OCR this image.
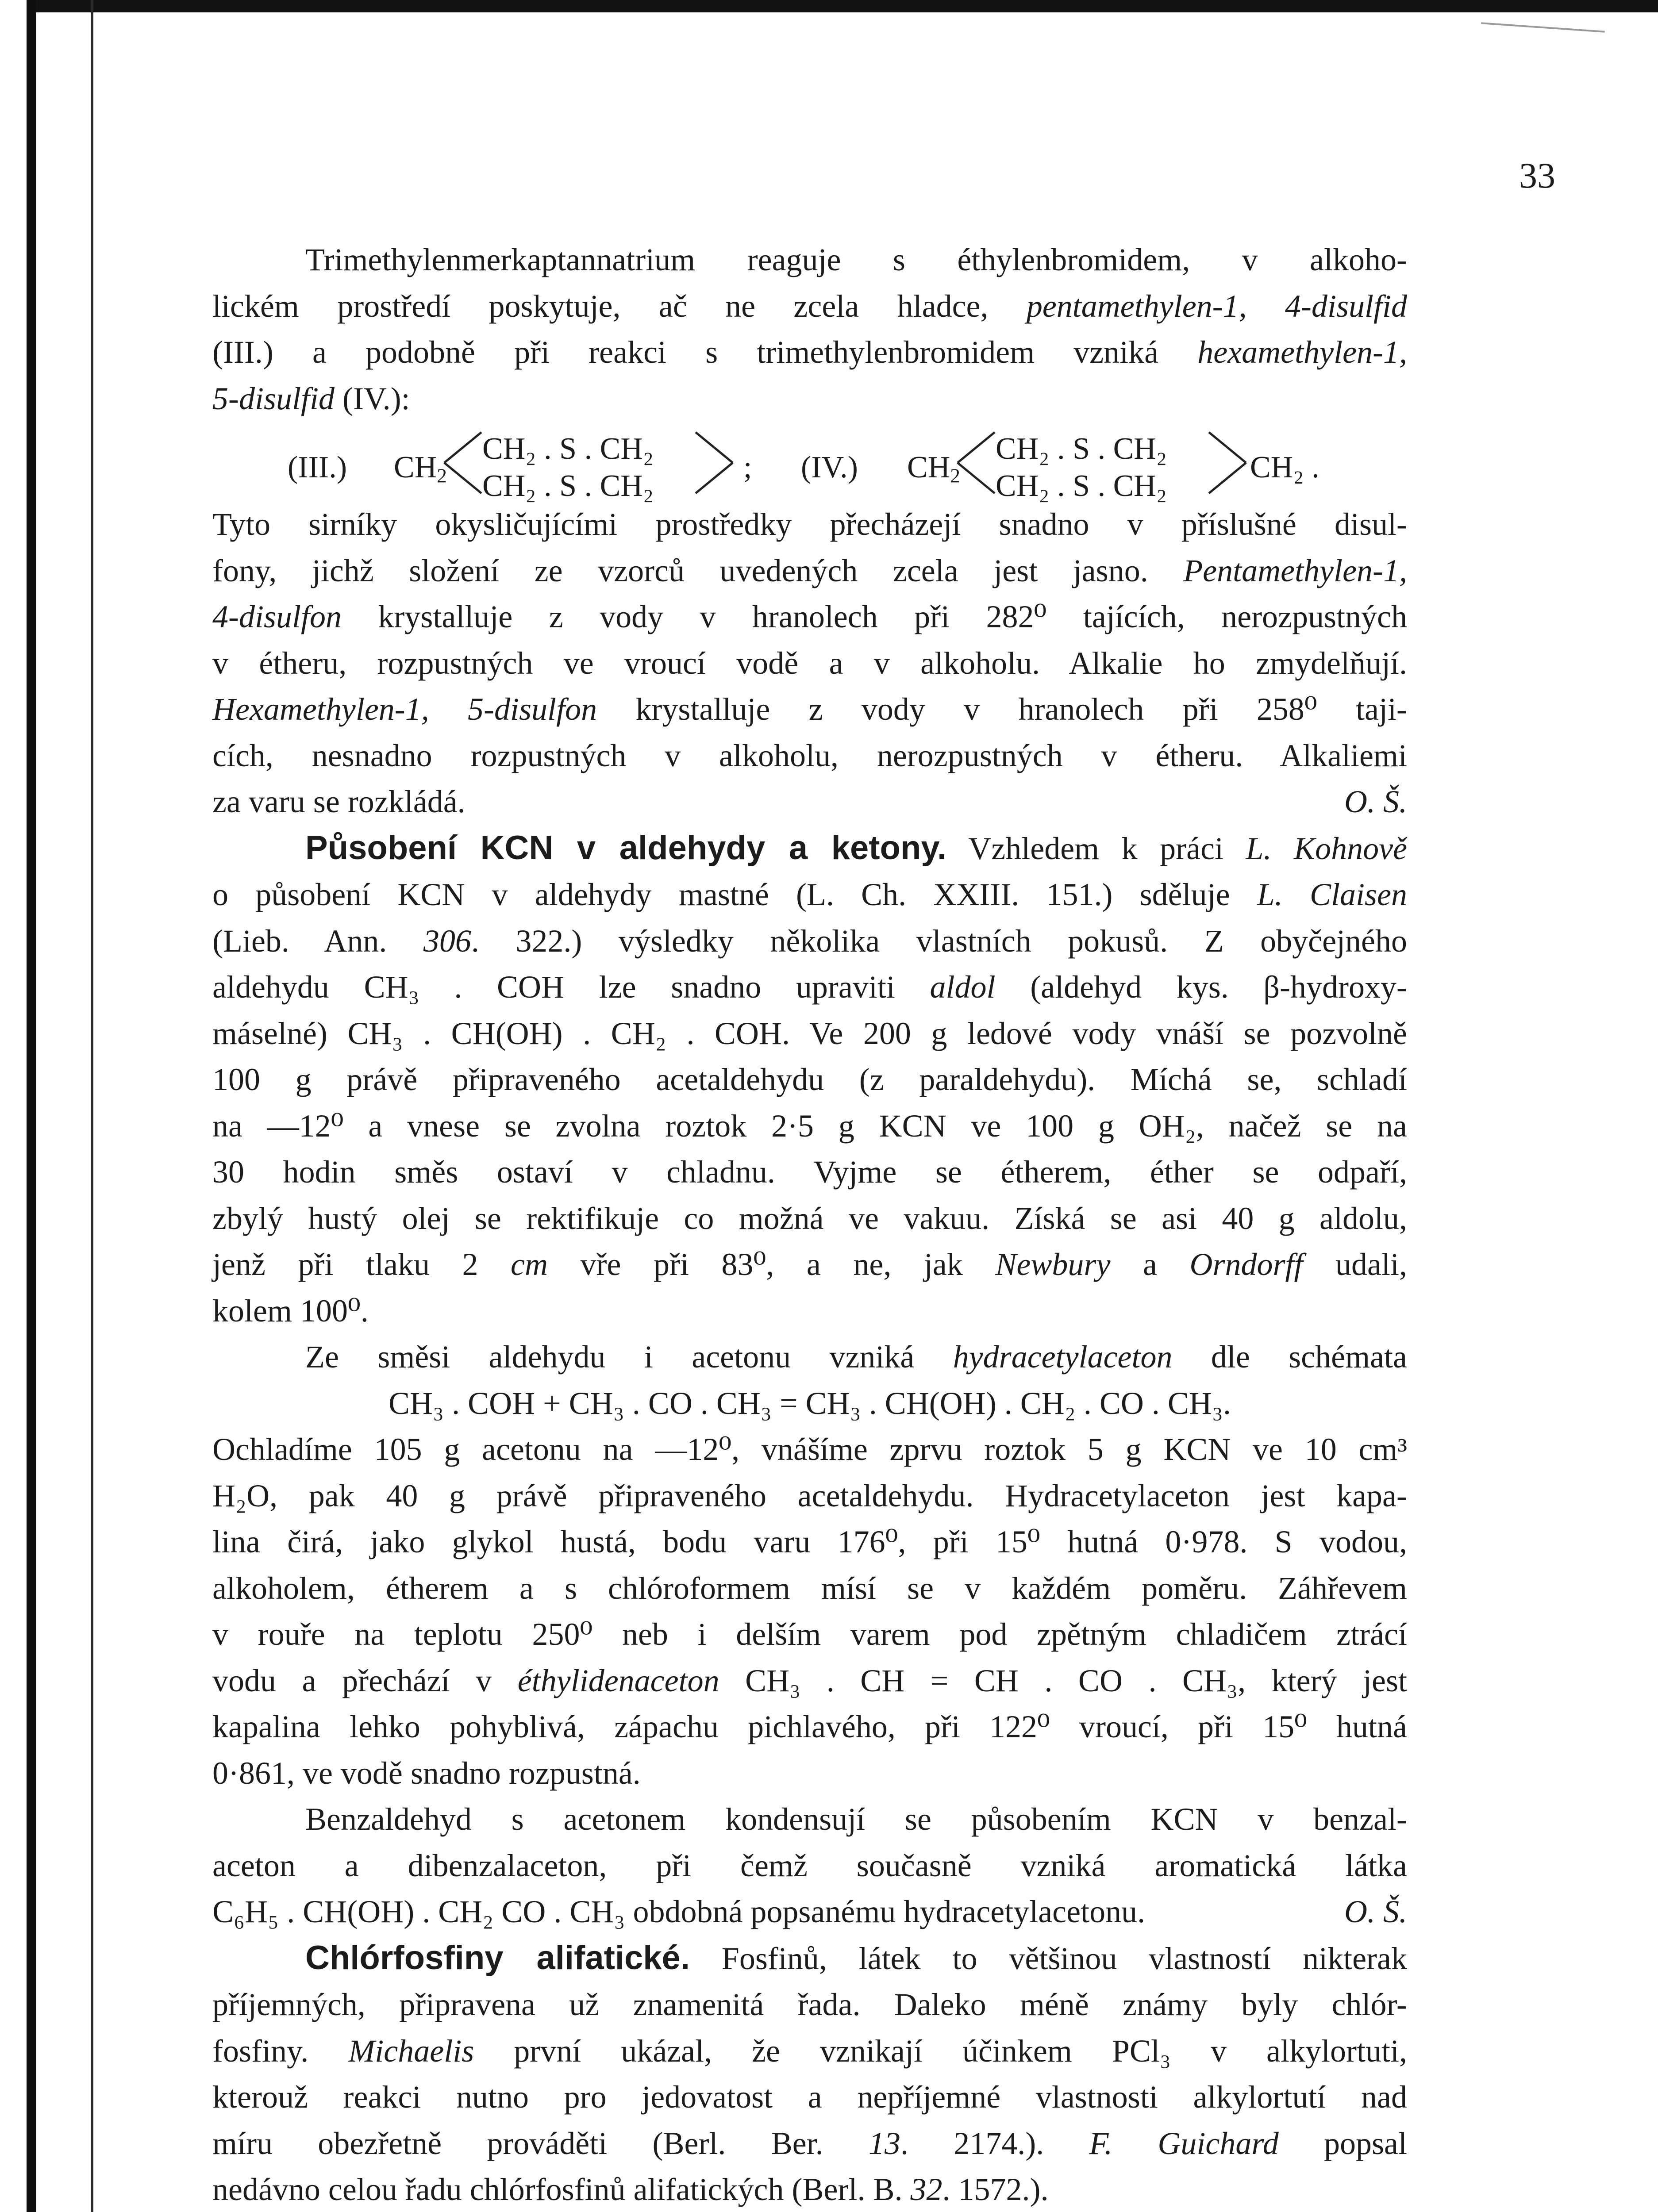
33

Trimethylenmerkaptannatrium reaguje s éthylenbromidem, v alkoho-
lickém prostředí poskytuje, ač ne zcela hladce, pentamethylen-1, 4-disulfid
(III.) a podobně při reakci s trimethylenbromidem vzniká hexamethylen-1,
5-disulfid (IV.):

(III.) $CH_2$
CH₂ . S . CH₂
CH₂ . S . CH₂
; (IV.) $CH_2$
CH₂ . S . CH₂
CH₂ . S . CH₂
CH₂ .

Tyto sirníky okysličujícími prostředky přecházejí snadno v příslušné disul-
fony, jichž složení ze vzorců uvedených zcela jest jasno. Pentamethylen-1,
4-disulfon krystalluje z vody v hranolech při 282⁰ tajících, nerozpustných
v étheru, rozpustných ve vroucí vodě a v alkoholu. Alkalie ho zmydelňují.
Hexamethylen-1, 5-disulfon krystalluje z vody v hranolech při 258⁰ taji-
cích, nesnadno rozpustných v alkoholu, nerozpustných v étheru. Alkaliemi
za varu se rozkládá.	O. Š.

Působení KCN v aldehydy a ketony. Vzhledem k práci L. Kohnově
o působení KCN v aldehydy mastné (L. Ch. XXIII. 151.) sděluje L. Claisen
(Lieb. Ann. 306. 322.) výsledky několika vlastních pokusů. Z obyčejného
aldehydu CH₃ . COH lze snadno upraviti aldol (aldehyd kys. β-hydroxy-
máselné) CH₃ . CH(OH) . CH₂ . COH. Ve 200 g ledové vody vnáší se pozvolně
100 g právě připraveného acetaldehydu (z paraldehydu). Míchá se, schladí
na —12⁰ a vnese se zvolna roztok 2·5 g KCN ve 100 g OH₂, načež se na
30 hodin směs ostaví v chladnu. Vyjme se étherem, éther se odpaří,
zbylý hustý olej se rektifikuje co možná ve vakuu. Získá se asi 40 g aldolu,
jenž při tlaku 2 cm vře při 83⁰, a ne, jak Newbury a Orndorff udali,
kolem 100⁰.

Ze směsi aldehydu i acetonu vzniká hydracetylaceton dle schémata
CH₃ . COH + CH₃ . CO . CH₃ = CH₃ . CH(OH) . CH₂ . CO . CH₃.
Ochladíme 105 g acetonu na —12⁰, vnášíme zprvu roztok 5 g KCN ve 10 cm³
H₂O, pak 40 g právě připraveného acetaldehydu. Hydracetylaceton jest kapa-
lina čirá, jako glykol hustá, bodu varu 176⁰, při 15⁰ hutná 0·978. S vodou,
alkoholem, étherem a s chlóroformem mísí se v každém poměru. Záhřevem
v rouře na teplotu 250⁰ neb i delším varem pod zpětným chladičem ztrácí
vodu a přechází v éthylidenaceton CH₃ . CH = CH . CO . CH₃, který jest
kapalina lehko pohyblivá, zápachu pichlavého, při 122⁰ vroucí, při 15⁰ hutná
0·861, ve vodě snadno rozpustná.

Benzaldehyd s acetonem kondensují se působením KCN v benzal-
aceton a dibenzalaceton, při čemž současně vzniká aromatická látka
C₆H₅ . CH(OH) . CH₂ CO . CH₃ obdobná popsanému hydracetylacetonu.	O. Š.

Chlórfosfiny alifatické. Fosfinů, látek to většinou vlastností nikterak
příjemných, připravena už znamenitá řada. Daleko méně známy byly chlór-
fosfiny. Michaelis první ukázal, že vznikají účinkem PCl₃ v alkylortuti,
kterouž reakci nutno pro jedovatost a nepříjemné vlastnosti alkylortutí nad
míru obezřetně prováděti (Berl. Ber. 13. 2174.). F. Guichard popsal
nedávno celou řadu chlórfosfinů alifatických (Berl. B. 32. 1572.).
